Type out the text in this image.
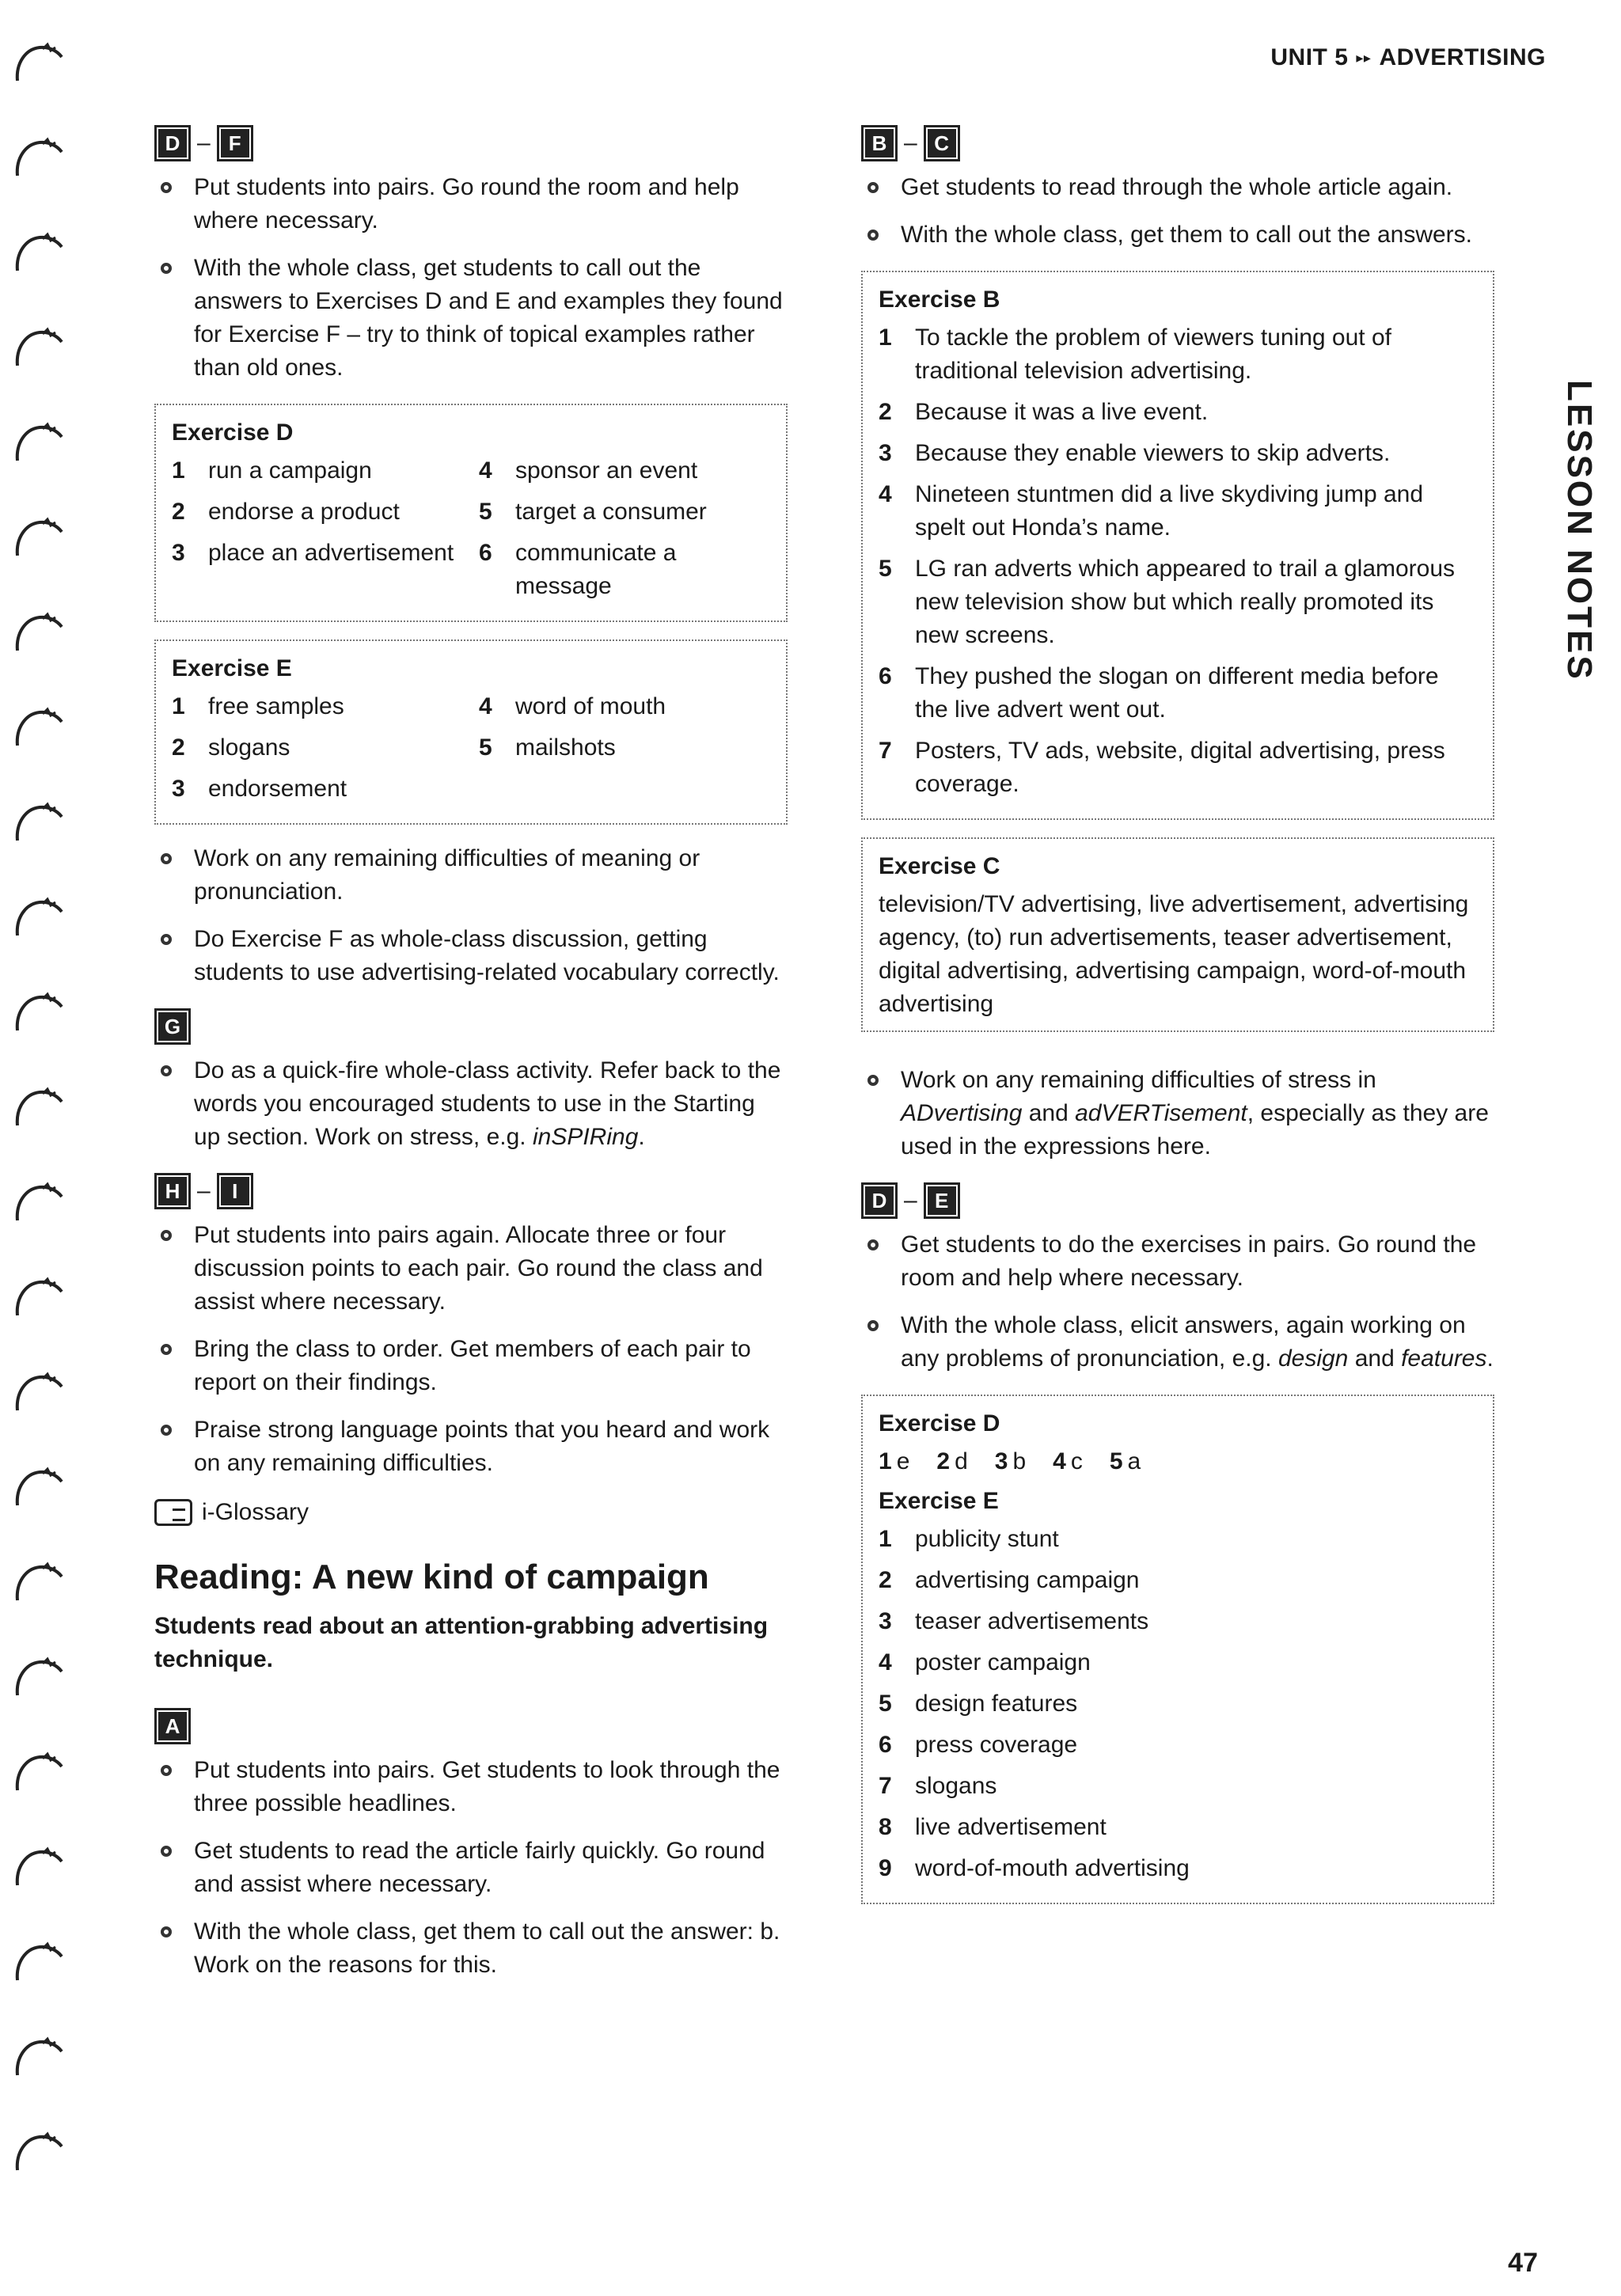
UNIT 5 ▸▸ ADVERTISING
LESSON NOTES
D – F
Put students into pairs. Go round the room and help where necessary.
With the whole class, get students to call out the answers to Exercises D and E and examples they found for Exercise F – try to think of topical examples rather than old ones.
Exercise D
1 run a campaign	4 sponsor an event
2 endorse a product	5 target a consumer
3 place an advertisement 6 communicate a message
Exercise E
1 free samples	4 word of mouth
2 slogans	5 mailshots
3 endorsement
Work on any remaining difficulties of meaning or pronunciation.
Do Exercise F as whole-class discussion, getting students to use advertising-related vocabulary correctly.
G
Do as a quick-fire whole-class activity. Refer back to the words you encouraged students to use in the Starting up section. Work on stress, e.g. inSPIRing.
H –	I
Put students into pairs again. Allocate three or four discussion points to each pair. Go round the class and assist where necessary.
Bring the class to order. Get members of each pair to report on their findings.
Praise strong language points that you heard and work on any remaining difficulties.
i-Glossary
Reading: A new kind of campaign
Students read about an attention-grabbing advertising technique.
A
Put students into pairs. Get students to look through the three possible headlines.
Get students to read the article fairly quickly. Go round and assist where necessary.
With the whole class, get them to call out the answer: b. Work on the reasons for this.
B – C
Get students to read through the whole article again.
With the whole class, get them to call out the answers.
Exercise B
1 To tackle the problem of viewers tuning out of traditional television advertising.
2 Because it was a live event.
3 Because they enable viewers to skip adverts.
4 Nineteen stuntmen did a live skydiving jump and spelt out Honda’s name.
5 LG ran adverts which appeared to trail a glamorous new television show but which really promoted its new screens.
6 They pushed the slogan on different media before the live advert went out.
7 Posters, TV ads, website, digital advertising, press coverage.
Exercise C
television/TV advertising, live advertisement, advertising agency, (to) run advertisements, teaser advertisement, digital advertising, advertising campaign, word-of-mouth advertising
Work on any remaining difficulties of stress in ADvertising and adVERTisement, especially as they are used in the expressions here.
D – E
Get students to do the exercises in pairs. Go round the room and help where necessary.
With the whole class, elicit answers, again working on any problems of pronunciation, e.g. design and features.
Exercise D
1 e 2 d 3 b 4 c 5 a
Exercise E
1 publicity stunt
2 advertising campaign
3 teaser advertisements
4 poster campaign
5 design features
6 press coverage
7 slogans
8 live advertisement
9 word-of-mouth advertising
47
